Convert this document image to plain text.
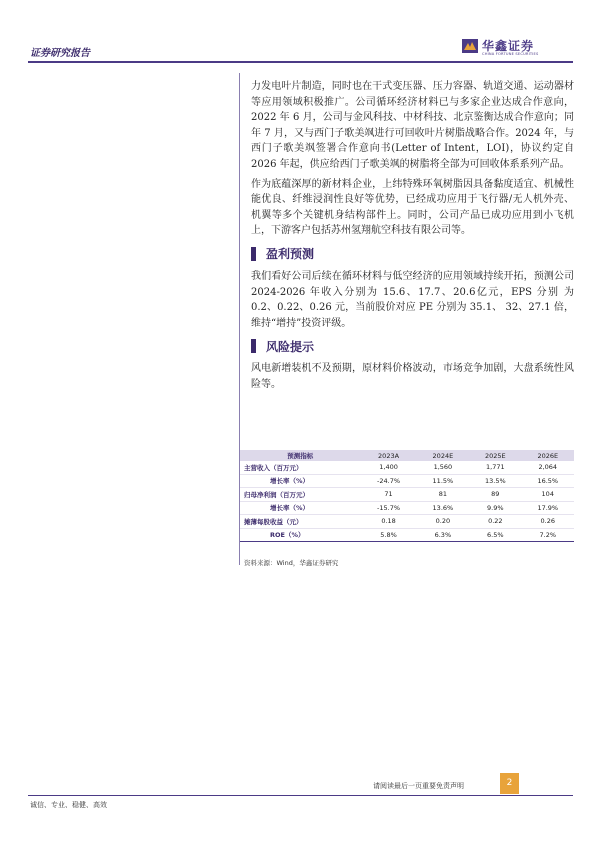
证券研究报告
华鑫证券
CHINA FORTUNE SECURITIES

力发电叶片制造，同时也在干式变压器、压力容器、轨道交通、运动器材等应用领域积极推广。公司循环经济材料已与多家企业达成合作意向，2022 年 6 月，公司与金风科技、中材科技、北京鉴衡达成合作意向；同年 7 月，又与西门子歌美飒进行可回收叶片树脂战略合作。2024 年，与西门子歌美飒签署合作意向书(Letter of Intent，LOI)，协议约定自 2026 年起，供应给西门子歌美飒的树脂将全部为可回收体系系列产品。

作为底蕴深厚的新材料企业，上纬特殊环氧树脂因具备黏度适宜、机械性能优良、纤维浸润性良好等优势，已经成功应用于飞行器/无人机外壳、机翼等多个关键机身结构部件上。同时，公司产品已成功应用到小飞机上，下游客户包括苏州氢翔航空科技有限公司等。

盈利预测

我们看好公司后续在循环材料与低空经济的应用领域持续开拓，预测公司 2024-2026 年收入分别为 15.6、17.7、20.6亿元，EPS 分别 为 0.2、0.22、0.26 元，当前股价对应 PE 分别为 35.1、 32、27.1 倍，维持“增持”投资评级。

风险提示

风电新增装机不及预期，原材料价格波动，市场竞争加剧，大盘系统性风险等。

预测指标	2023A	2024E	2025E	2026E
主营收入（百万元）	1,400	1,560	1,771	2,064
增长率（%）	-24.7%	11.5%	13.5%	16.5%
归母净利润（百万元）	71	81	89	104
增长率（%）	-15.7%	13.6%	9.9%	17.9%
摊薄每股收益（元）	0.18	0.20	0.22	0.26
ROE（%）	5.8%	6.3%	6.5%	7.2%
资料来源：Wind，华鑫证券研究
请阅读最后一页重要免责声明	2
诚信、专业、稳健、高效
